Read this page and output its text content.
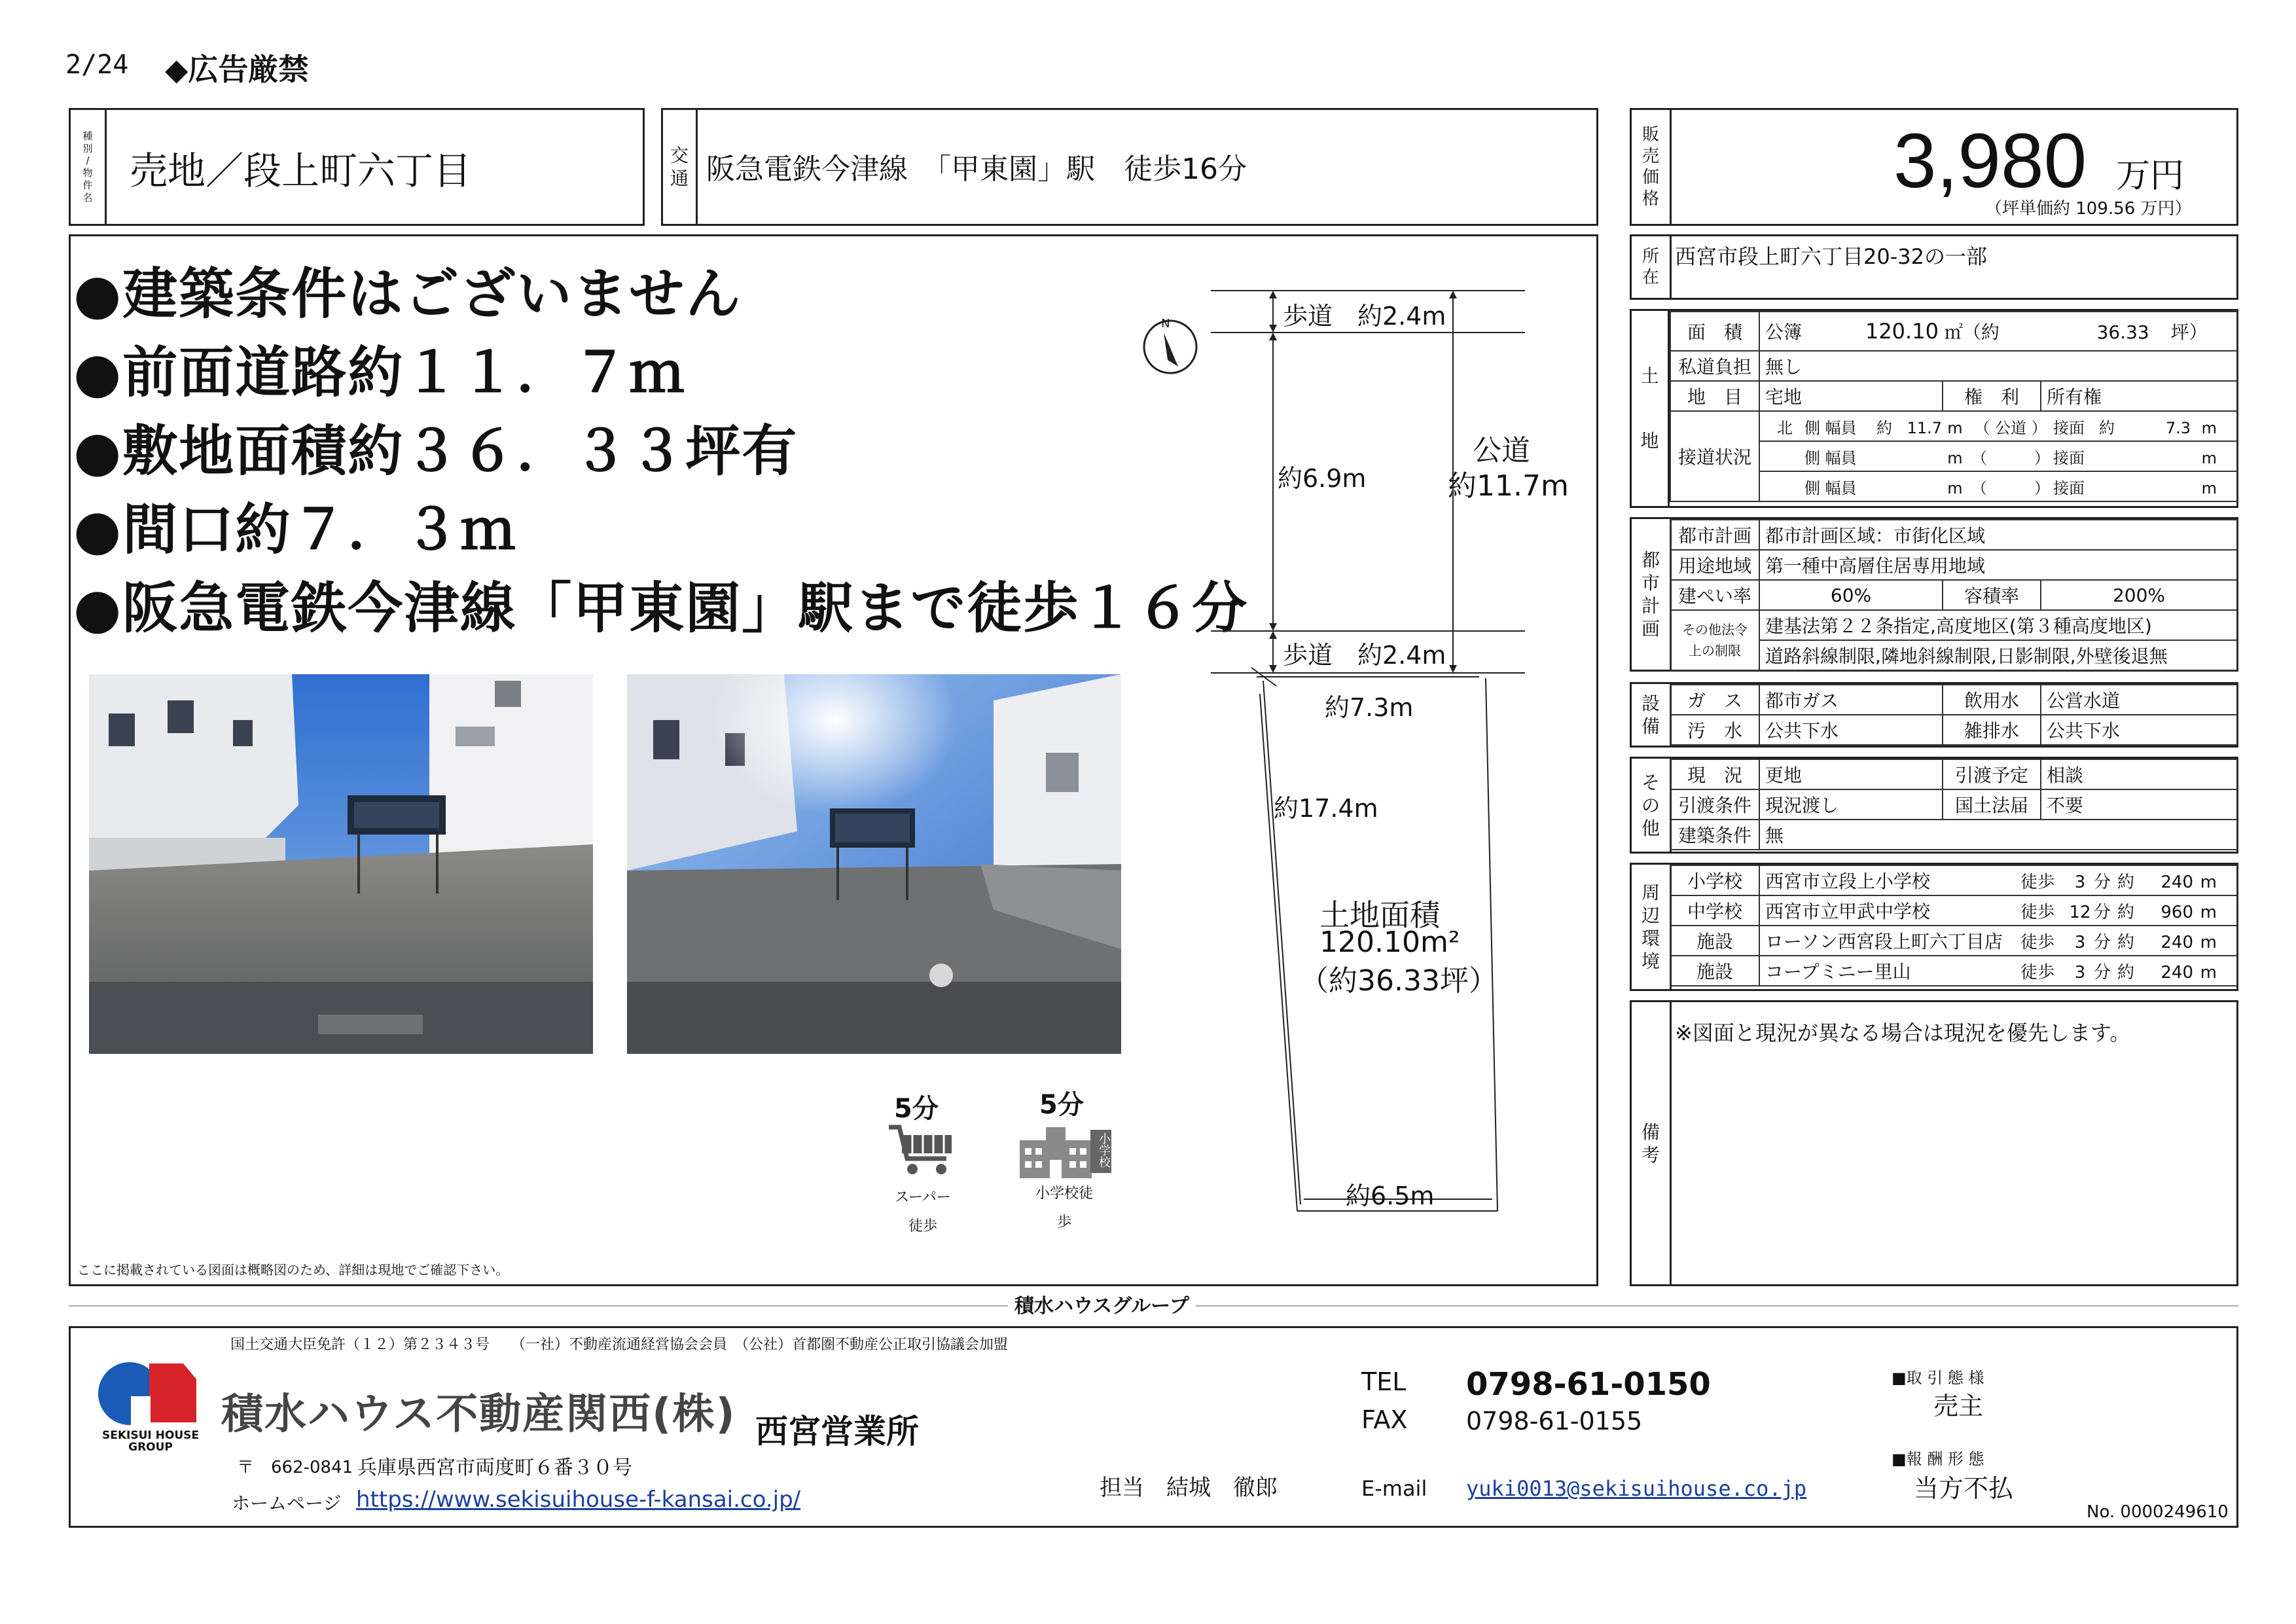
2/24 ◆広告厳禁
種
別
/
物
件
名
売地／段上町六丁目	交
通 阪急電鉄今津線　「甲東園」駅　徒歩16分
販
売
価
格	3,980 万円
（坪単価約 109.56 万円）
●建築条件はございません
●前面道路約１１．７ｍ
●敷地面積約３６．３３坪有
●間口約７．３ｍ
●阪急電鉄今津線「甲東園」駅まで徒歩１６分
5分
スーパー
徒歩
5分
小学校
小学校徒
歩
ここに掲載されている図面は概略図のため、詳細は現地でご確認下さい。
N	歩道　約2.4m
約6.9m
公道
約11.7m
歩道　約2.4m
約7.3m
約17.4m
土地面積
120.10m²
（約36.33坪）
約6.5m
所
在
西宮市段上町六丁目20-32の一部
土
地
面　積	公簿 120.10 ㎡（約 36.33 坪）		
私道負担	無し		
地　目	宅地	権　利	所有権
接道状況	北 側 幅員 約 11.7 m （ 公道 ） 接面 約 7.3 m		
	側 幅員 m （　　　） 接面 m		
	側 幅員 m （　　　） 接面 m		
都
市
計
画
都市計画	都市計画区域：市街化区域		
用途地域	第一種中高層住居専用地域		
建ぺい率	60%	容積率	200%

その他法令
上の制限	建基法第２２条指定,高度地区(第３種高度地区)		
	道路斜線制限,隣地斜線制限,日影制限,外壁後退無		
設
備
ガ　ス	都市ガス	飲用水	公営水道
汚　水	公共下水	雑排水	公共下水
そ
の
他
現　況	更地	引渡予定	相談
引渡条件	現況渡し	国土法届	不要
建築条件	無		
周
辺
環
境
小学校	西宮市立段上小学校 徒歩 3 分 約 240 m

中学校	西宮市立甲武中学校 徒歩 12 分 約 960 m

施設	ローソン西宮段上町六丁目店 徒歩 3 分 約 240 m

施設	コープミニー里山 徒歩 3 分 約 240 m
備
考
※図面と現況が異なる場合は現況を優先します。
積水ハウスグループ
国土交通大臣免許（１２）第２３４３号　　（一社）不動産流通経営協会会員　（公社）首都圏不動産公正取引協議会加盟
SEKISUI HOUSE
GROUP
積水ハウス不動産関西(株) 西宮営業所
〒　662-0841 兵庫県西宮市両度町６番３０号
ホームページ https://www.sekisuihouse-f-kansai.co.jp/	担当　結城　徹郎
TEL 0798-61-0150
FAX 0798-61-0155
E-mail yuki0013@sekisuihouse.co.jp
■取 引 態 様
売主
■報 酬 形 態
当方不払
No. 0000249610
